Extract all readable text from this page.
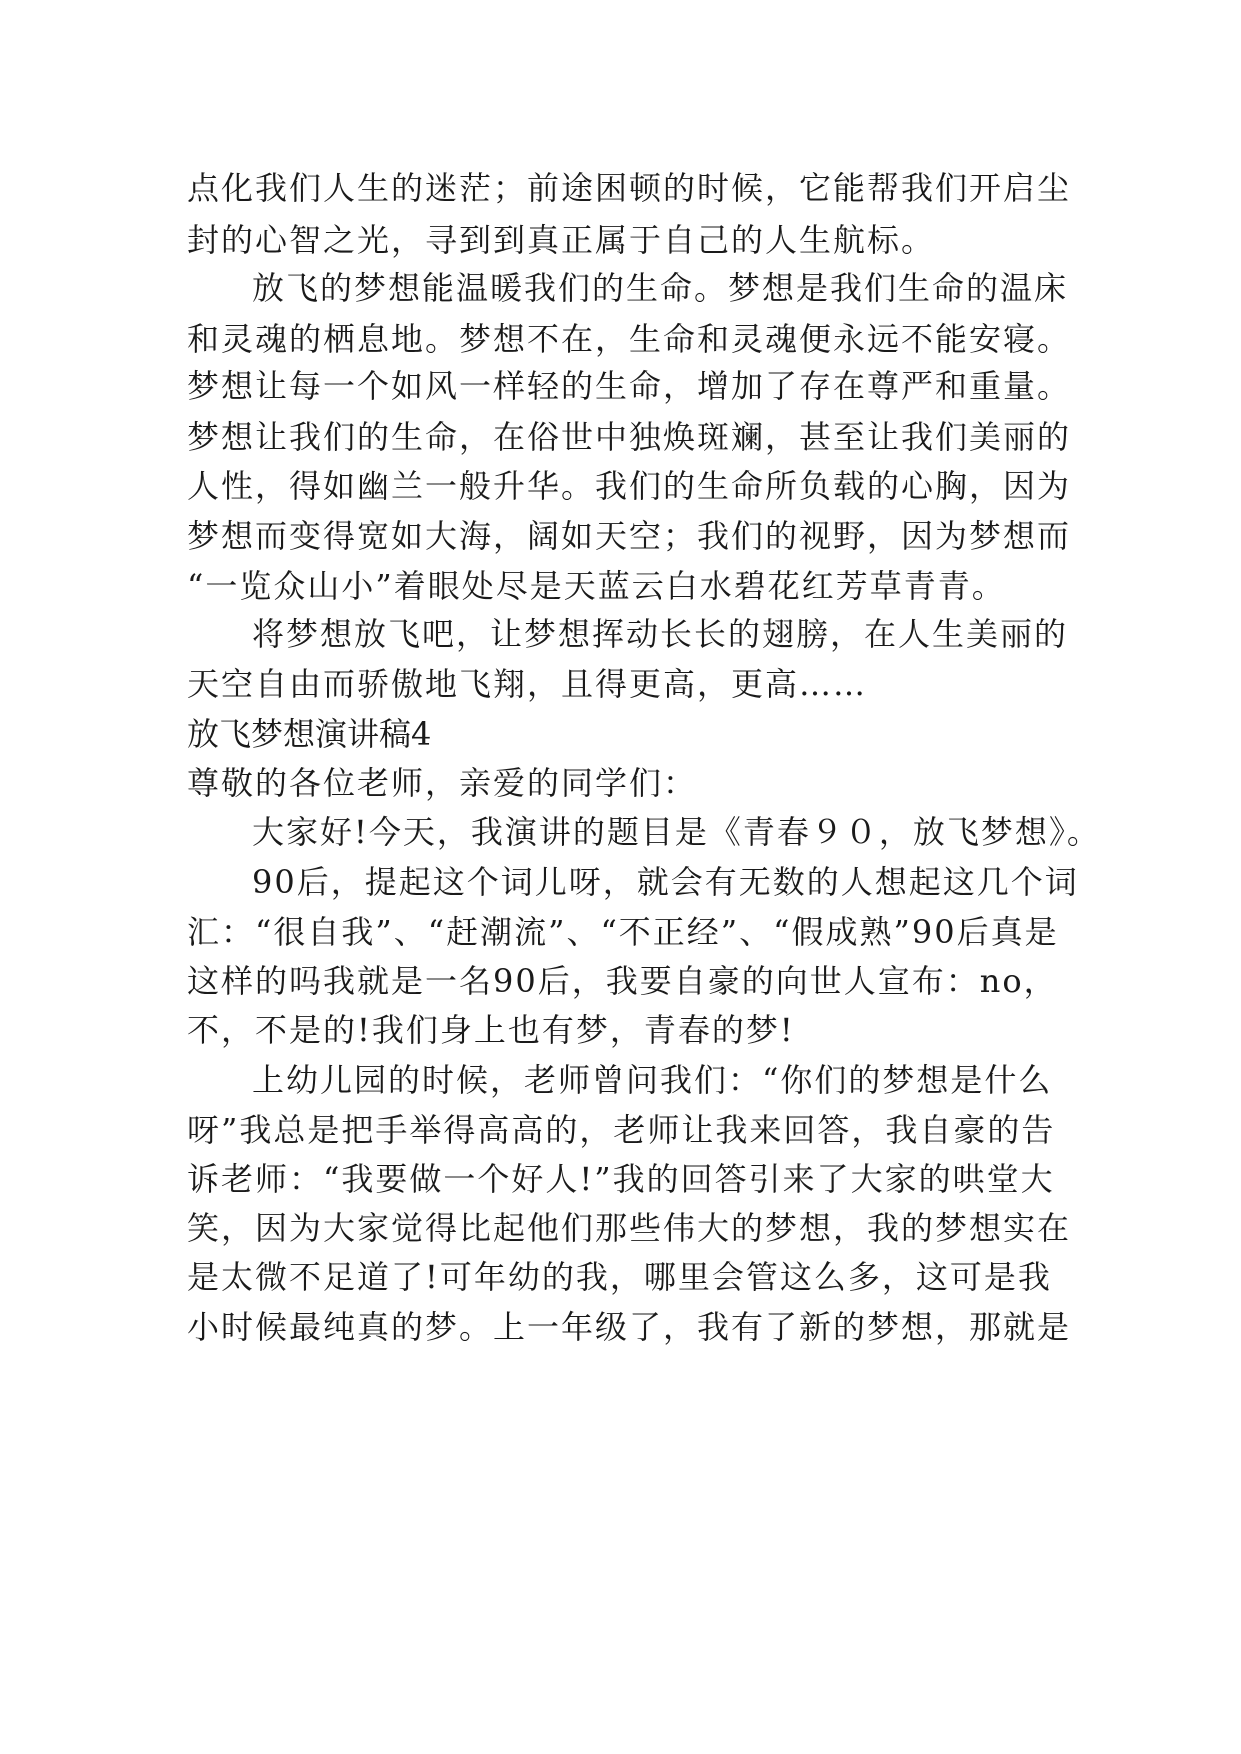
点化我们人生的迷茫；前途困顿的时候，它能帮我们开启尘
封的心智之光，寻到到真正属于自己的人生航标。
放飞的梦想能温暖我们的生命。梦想是我们生命的温床
和灵魂的栖息地。梦想不在，生命和灵魂便永远不能安寝。
梦想让每一个如风一样轻的生命，增加了存在尊严和重量。
梦想让我们的生命，在俗世中独焕斑斓，甚至让我们美丽的
人性，得如幽兰一般升华。我们的生命所负载的心胸，因为
梦想而变得宽如大海，阔如天空；我们的视野，因为梦想而
“一览众山小”着眼处尽是天蓝云白水碧花红芳草青青。
将梦想放飞吧，让梦想挥动长长的翅膀，在人生美丽的
天空自由而骄傲地飞翔，且得更高，更高……
放飞梦想演讲稿4
尊敬的各位老师，亲爱的同学们：
大家好!今天，我演讲的题目是《青春９０，放飞梦想》。
90后，提起这个词儿呀，就会有无数的人想起这几个词
汇：“很自我”、“赶潮流”、“不正经”、“假成熟”90后真是
这样的吗我就是一名90后，我要自豪的向世人宣布：no，
不，不是的!我们身上也有梦，青春的梦!
上幼儿园的时候，老师曾问我们：“你们的梦想是什么
呀”我总是把手举得高高的，老师让我来回答，我自豪的告
诉老师：“我要做一个好人!”我的回答引来了大家的哄堂大
笑，因为大家觉得比起他们那些伟大的梦想，我的梦想实在
是太微不足道了!可年幼的我，哪里会管这么多，这可是我
小时候最纯真的梦。上一年级了，我有了新的梦想，那就是
